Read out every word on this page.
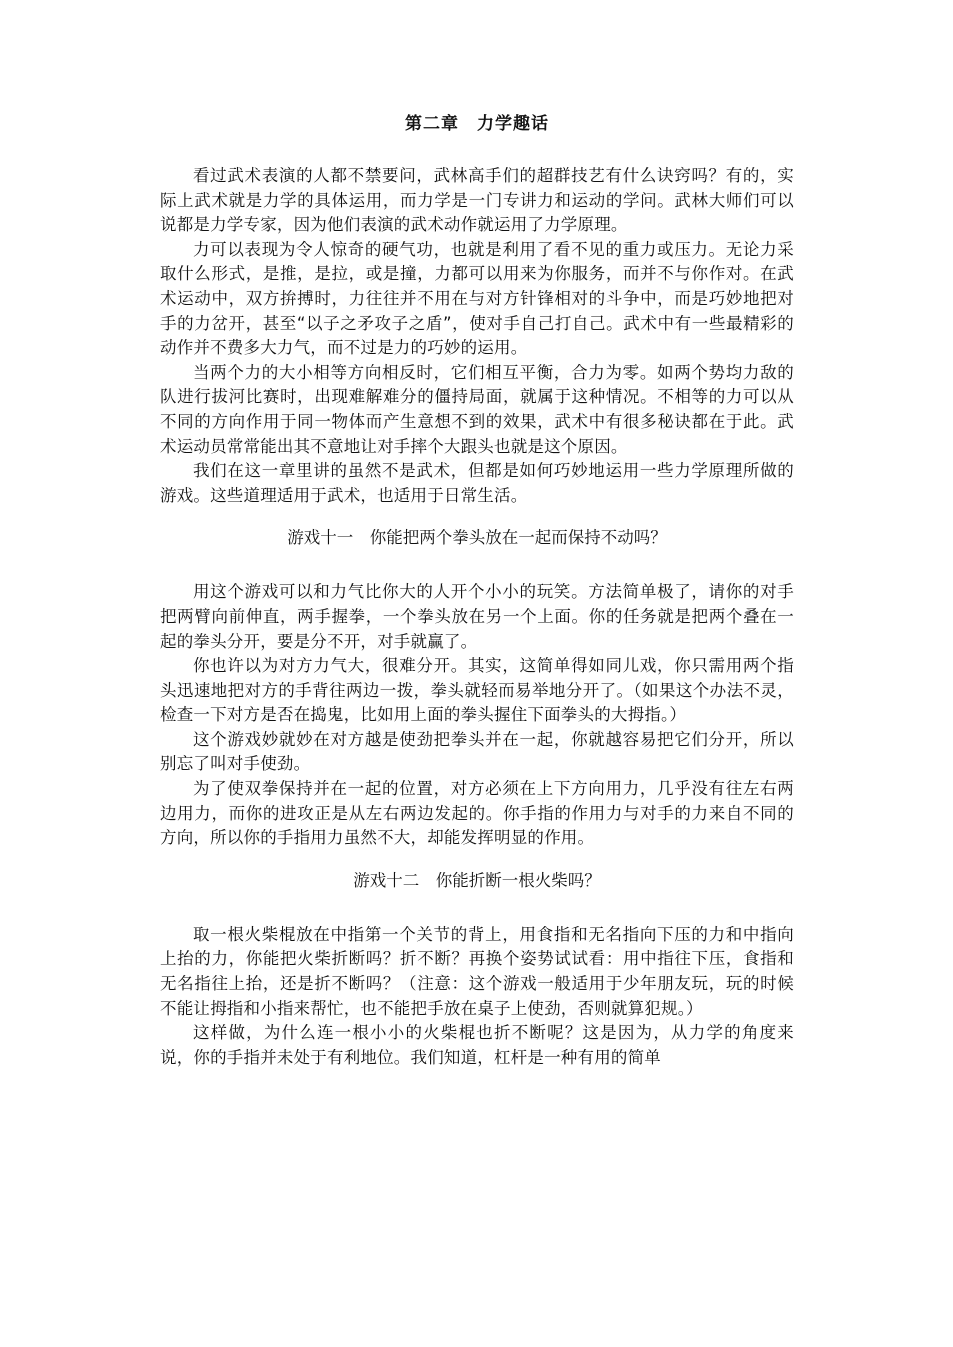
第二章　力学趣话

看过武术表演的人都不禁要问，武林高手们的超群技艺有什么诀窍吗？有的，实际上武术就是力学的具体运用，而力学是一门专讲力和运动的学问。武林大师们可以说都是力学专家，因为他们表演的武术动作就运用了力学原理。

力可以表现为令人惊奇的硬气功，也就是利用了看不见的重力或压力。无论力采取什么形式，是推，是拉，或是撞，力都可以用来为你服务，而并不与你作对。在武术运动中，双方拚搏时，力往往并不用在与对方针锋相对的斗争中，而是巧妙地把对手的力岔开，甚至“以子之矛攻子之盾”，使对手自己打自己。武术中有一些最精彩的动作并不费多大力气，而不过是力的巧妙的运用。

当两个力的大小相等方向相反时，它们相互平衡，合力为零。如两个势均力敌的队进行拔河比赛时，出现难解难分的僵持局面，就属于这种情况。不相等的力可以从不同的方向作用于同一物体而产生意想不到的效果，武术中有很多秘诀都在于此。武术运动员常常能出其不意地让对手摔个大跟头也就是这个原因。

我们在这一章里讲的虽然不是武术，但都是如何巧妙地运用一些力学原理所做的游戏。这些道理适用于武术，也适用于日常生活。

游戏十一　你能把两个拳头放在一起而保持不动吗？

用这个游戏可以和力气比你大的人开个小小的玩笑。方法简单极了，请你的对手把两臂向前伸直，两手握拳，一个拳头放在另一个上面。你的任务就是把两个叠在一起的拳头分开，要是分不开，对手就赢了。

你也许以为对方力气大，很难分开。其实，这简单得如同儿戏，你只需用两个指头迅速地把对方的手背往两边一拨，拳头就轻而易举地分开了。（如果这个办法不灵，检查一下对方是否在捣鬼，比如用上面的拳头握住下面拳头的大拇指。）

这个游戏妙就妙在对方越是使劲把拳头并在一起，你就越容易把它们分开，所以别忘了叫对手使劲。

为了使双拳保持并在一起的位置，对方必须在上下方向用力，几乎没有往左右两边用力，而你的进攻正是从左右两边发起的。你手指的作用力与对手的力来自不同的方向，所以你的手指用力虽然不大，却能发挥明显的作用。

游戏十二　你能折断一根火柴吗？

取一根火柴棍放在中指第一个关节的背上，用食指和无名指向下压的力和中指向上抬的力，你能把火柴折断吗？折不断？再换个姿势试试看：用中指往下压，食指和无名指往上抬，还是折不断吗？（注意：这个游戏一般适用于少年朋友玩，玩的时候不能让拇指和小指来帮忙，也不能把手放在桌子上使劲，否则就算犯规。）

这样做，为什么连一根小小的火柴棍也折不断呢？这是因为，从力学的角度来说，你的手指并未处于有利地位。我们知道，杠杆是一种有用的简单
